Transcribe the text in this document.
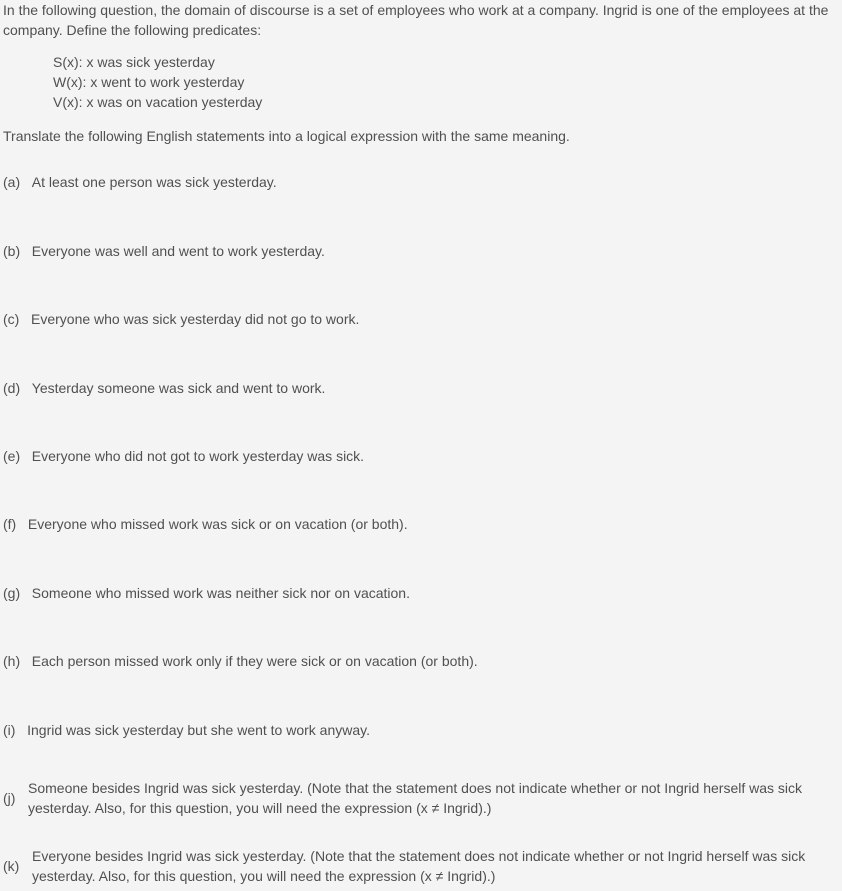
In the following question, the domain of discourse is a set of employees who work at a company. Ingrid is one of the employees at the company. Define the following predicates:

S(x): x was sick yesterday
W(x): x went to work yesterday
V(x): x was on vacation yesterday
Translate the following English statements into a logical expression with the same meaning.
(a) At least one person was sick yesterday.
(b) Everyone was well and went to work yesterday.
(c) Everyone who was sick yesterday did not go to work.
(d) Yesterday someone was sick and went to work.
(e) Everyone who did not got to work yesterday was sick.
(f) Everyone who missed work was sick or on vacation (or both).
(g) Someone who missed work was neither sick nor on vacation.
(h) Each person missed work only if they were sick or on vacation (or both).
(i) Ingrid was sick yesterday but she went to work anyway.
(j)
Someone besides Ingrid was sick yesterday. (Note that the statement does not indicate whether or not Ingrid herself was sick yesterday. Also, for this question, you will need the expression (x ≠ Ingrid).)
(k)
Everyone besides Ingrid was sick yesterday. (Note that the statement does not indicate whether or not Ingrid herself was sick yesterday. Also, for this question, you will need the expression (x ≠ Ingrid).)
